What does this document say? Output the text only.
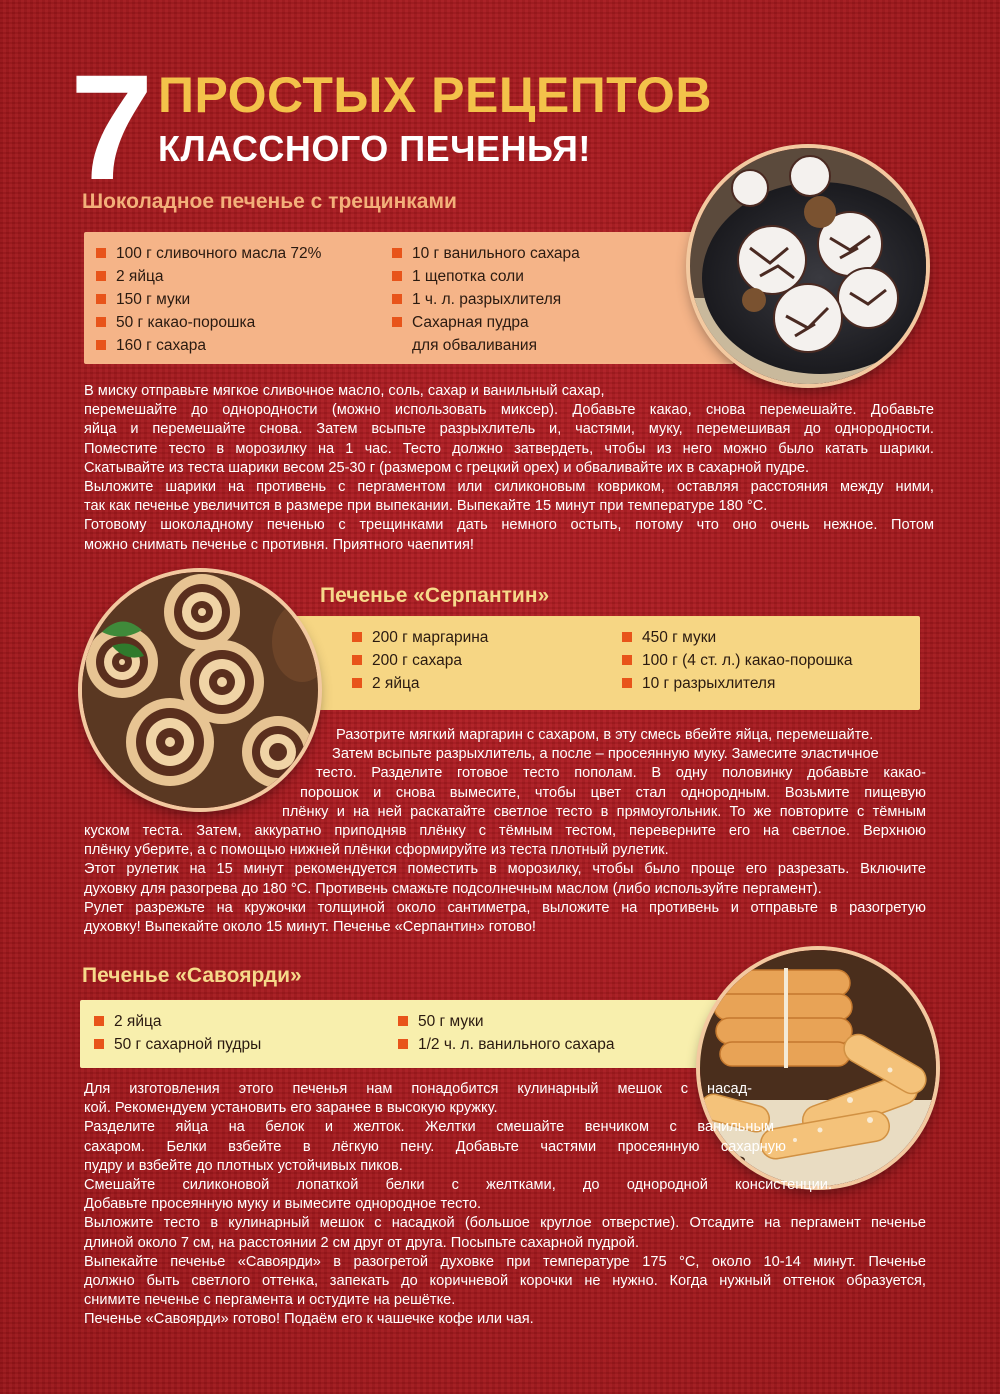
7 ПРОСТЫХ РЕЦЕПТОВ
КЛАССНОГО ПЕЧЕНЬЯ!
Шоколадное печенье с трещинками
100 г сливочного масла 72%
2 яйца
150 г муки
50 г какао-порошка
160 г сахара
10 г ванильного сахара
1 щепотка соли
1 ч. л. разрыхлителя
Сахарная пудра
для обваливания
В миску отправьте мягкое сливочное масло, соль, сахар и ванильный сахар,
перемешайте до однородности (можно использовать миксер). Добавьте какао, снова перемешайте. Добавьте
яйца и перемешайте снова. Затем всыпьте разрыхлитель и, частями, муку, перемешивая до однородности.
Поместите тесто в морозилку на 1 час. Тесто должно затвердеть, чтобы из него можно было катать шарики.
Скатывайте из теста шарики весом 25-30 г (размером с грецкий орех) и обваливайте их в сахарной пудре.
Выложите шарики на противень с пергаментом или силиконовым ковриком, оставляя расстояния между ними,
так как печенье увеличится в размере при выпекании. Выпекайте 15 минут при температуре 180 °C.
Готовому шоколадному печенью с трещинками дать немного остыть, потому что оно очень нежное. Потом
можно снимать печенье с противня. Приятного чаепития!
200 г маргарина
200 г сахара
2 яйца
450 г муки
100 г (4 ст. л.) какао-порошка
10 г разрыхлителя
Печенье «Серпантин»
Разотрите мягкий маргарин с сахаром, в эту смесь вбейте яйца, перемешайте.
Затем всыпьте разрыхлитель, а после – просеянную муку. Замесите эластичное
тесто. Разделите готовое тесто пополам. В одну половинку добавьте какао-
порошок и снова вымесите, чтобы цвет стал однородным. Возьмите пищевую
плёнку и на ней раскатайте светлое тесто в прямоугольник. То же повторите с тёмным
куском теста. Затем, аккуратно приподняв плёнку с тёмным тестом, переверните его на светлое. Верхнюю
плёнку уберите, а с помощью нижней плёнки сформируйте из теста плотный рулетик.
Этот рулетик на 15 минут рекомендуется поместить в морозилку, чтобы было проще его разрезать. Включите
духовку для разогрева до 180 °C. Противень смажьте подсолнечным маслом (либо используйте пергамент).
Рулет разрежьте на кружочки толщиной около сантиметра, выложите на противень и отправьте в разогретую
духовку! Выпекайте около 15 минут. Печенье «Серпантин» готово!
Печенье «Савоярди»
2 яйца
50 г сахарной пудры
50 г муки
1/2 ч. л. ванильного сахара
Для изготовления этого печенья нам понадобится кулинарный мешок с насад-
кой. Рекомендуем установить его заранее в высокую кружку.
Разделите яйца на белок и желток. Желтки смешайте венчиком с ванильным
сахаром. Белки взбейте в лёгкую пену. Добавьте частями просеянную сахарную
пудру и взбейте до плотных устойчивых пиков.
Смешайте силиконовой лопаткой белки с желтками, до однородной консистенции.
Добавьте просеянную муку и вымесите однородное тесто.
Выложите тесто в кулинарный мешок с насадкой (большое круглое отверстие). Отсадите на пергамент печенье
длиной около 7 см, на расстоянии 2 см друг от друга. Посыпьте сахарной пудрой.
Выпекайте печенье «Савоярди» в разогретой духовке при температуре 175 °C, около 10-14 минут. Печенье
должно быть светлого оттенка, запекать до коричневой корочки не нужно. Когда нужный оттенок образуется,
снимите печенье с пергамента и остудите на решётке.
Печенье «Савоярди» готово! Подаём его к чашечке кофе или чая.
